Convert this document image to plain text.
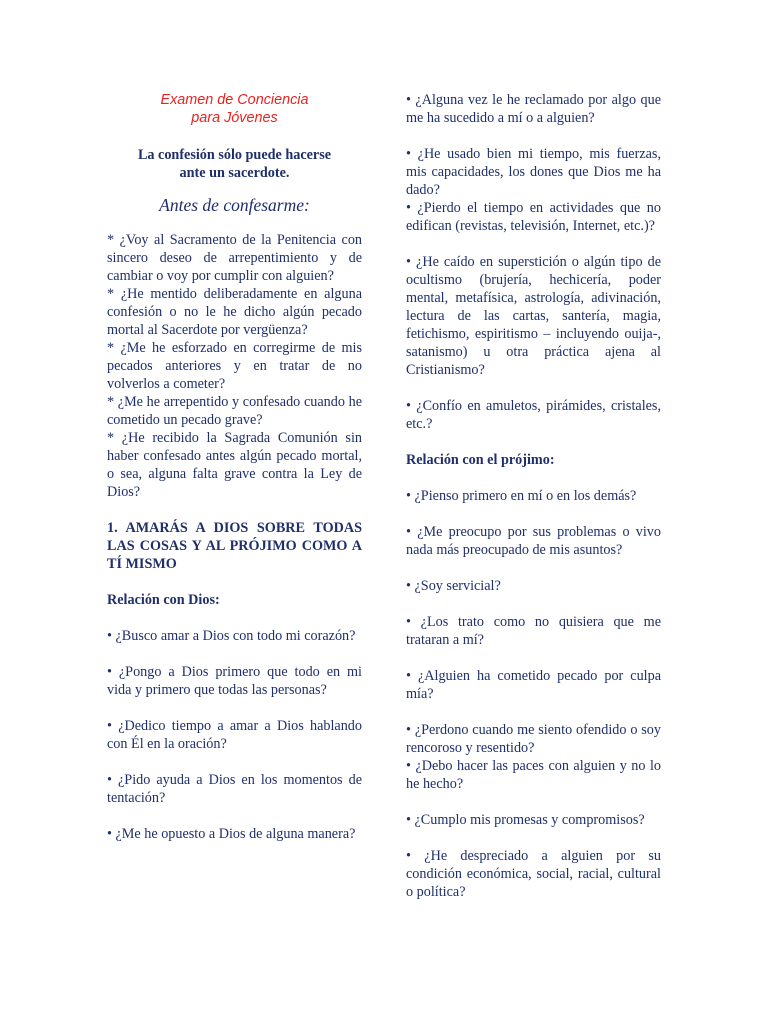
Examen de Conciencia
para Jóvenes
La confesión sólo puede hacerse
ante un sacerdote.
Antes de confesarme:

* ¿Voy al Sacramento de la Penitencia con sincero deseo de arrepentimiento y de cambiar o voy por cumplir con alguien?

* ¿He mentido deliberadamente en alguna confesión o no le he dicho algún pecado mortal al Sacerdote por vergüenza?

* ¿Me he esforzado en corregirme de mis pecados anteriores y en tratar de no volverlos a cometer?

* ¿Me he arrepentido y confesado cuando he cometido un pecado grave?

* ¿He recibido la Sagrada Comunión sin haber confesado antes algún pecado mortal, o sea, alguna falta grave contra la Ley de Dios?

1. AMARÁS A DIOS SOBRE TODAS LAS COSAS Y AL PRÓJIMO COMO A TÍ MISMO
Relación con Dios:

• ¿Busco amar a Dios con todo mi corazón?

• ¿Pongo a Dios primero que todo en mi vida y primero que todas las personas?

• ¿Dedico tiempo a amar a Dios hablando con Él en la oración?

• ¿Pido ayuda a Dios en los momentos de tentación?

• ¿Me he opuesto a Dios de alguna manera?

• ¿Alguna vez le he reclamado por algo que me ha sucedido a mí o a alguien?

• ¿He usado bien mi tiempo, mis fuerzas, mis capacidades, los dones que Dios me ha dado?

• ¿Pierdo el tiempo en actividades que no edifican (revistas, televisión, Internet, etc.)?

• ¿He caído en superstición o algún tipo de ocultismo (brujería, hechicería, poder mental, metafísica, astrología, adivinación, lectura de las cartas, santería, magia, fetichismo, espiritismo – incluyendo ouija-, satanismo) u otra práctica ajena al Cristianismo?

• ¿Confío en amuletos, pirámides, cristales, etc.?

Relación con el prójimo:

• ¿Pienso primero en mí o en los demás?

• ¿Me preocupo por sus problemas o vivo nada más preocupado de mis asuntos?

• ¿Soy servicial?

• ¿Los trato como no quisiera que me trataran a mí?

• ¿Alguien ha cometido pecado por culpa mía?

• ¿Perdono cuando me siento ofendido o soy rencoroso y resentido?

• ¿Debo hacer las paces con alguien y no lo he hecho?

• ¿Cumplo mis promesas y compromisos?

• ¿He despreciado a alguien por su condición económica, social, racial, cultural o política?
